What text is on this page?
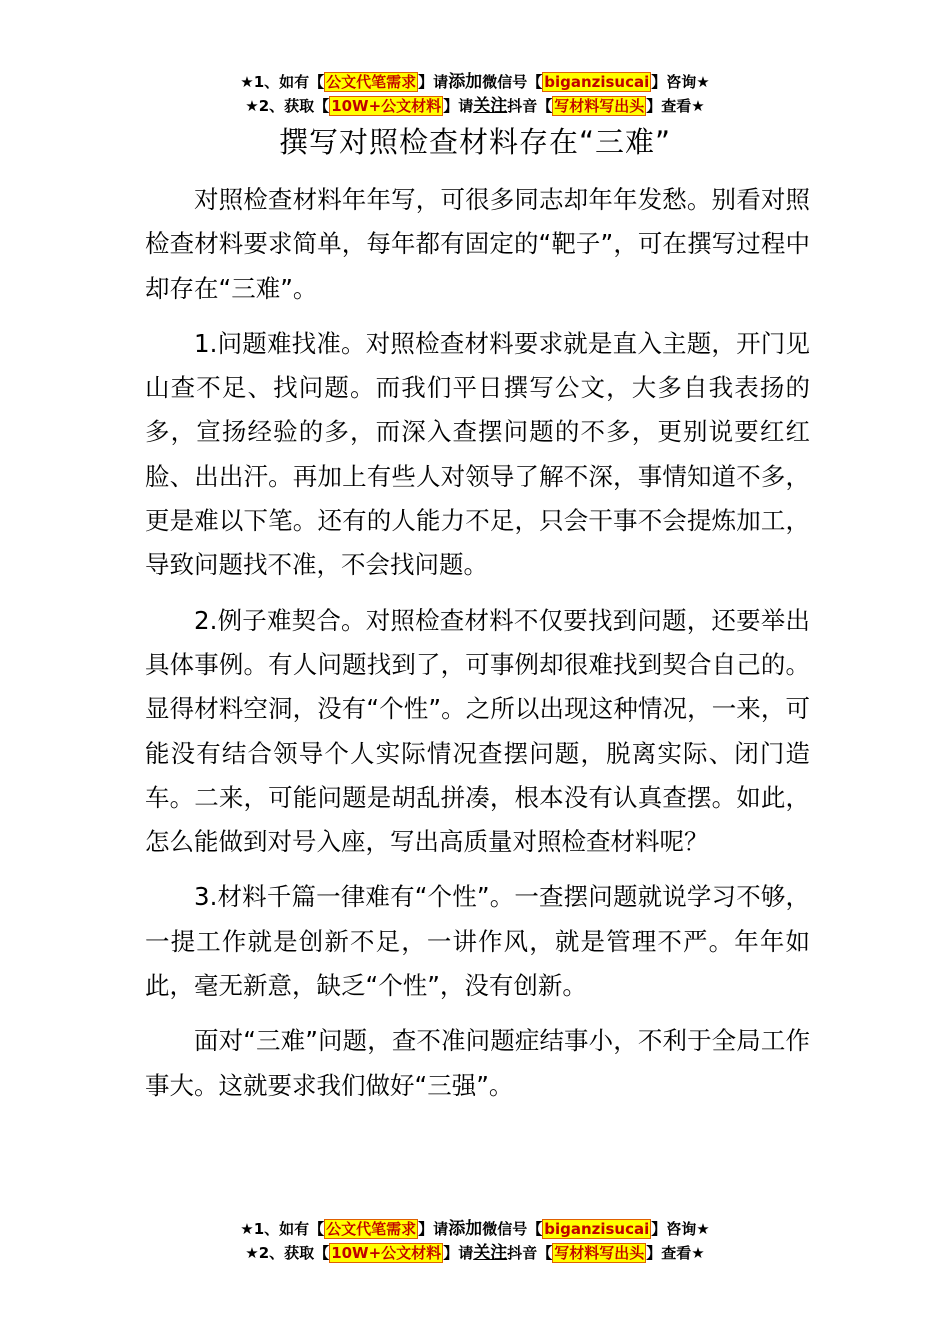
★1、如有【 公文代笔需求 】请添加微信号【 biganzisucai 】咨询★
★2、获取【 10W+公文材料 】请关注抖音【 写材料写出头 】查看★
撰写对照检查材料存在“三难”

对照检查材料年年写，可很多同志却年年发愁。别看对照检查材料要求简单，每年都有固定的“靶子”，可在撰写过程中却存在“三难”。

1.问题难找准。对照检查材料要求就是直入主题，开门见山查不足、找问题。而我们平日撰写公文，大多自我表扬的多，宣扬经验的多，而深入查摆问题的不多，更别说要红红脸、出出汗。再加上有些人对领导了解不深，事情知道不多，更是难以下笔。还有的人能力不足，只会干事不会提炼加工，导致问题找不准，不会找问题。

2.例子难契合。对照检查材料不仅要找到问题，还要举出具体事例。有人问题找到了，可事例却很难找到契合自己的。显得材料空洞，没有“个性”。之所以出现这种情况，一来，可能没有结合领导个人实际情况查摆问题，脱离实际、闭门造车。二来，可能问题是胡乱拼凑，根本没有认真查摆。如此，怎么能做到对号入座，写出高质量对照检查材料呢？

3.材料千篇一律难有“个性”。一查摆问题就说学习不够，一提工作就是创新不足，一讲作风，就是管理不严。年年如此，毫无新意，缺乏“个性”，没有创新。

面对“三难”问题，查不准问题症结事小，不利于全局工作事大。这就要求我们做好“三强”。

★1、如有【 公文代笔需求 】请添加微信号【 biganzisucai 】咨询★
★2、获取【 10W+公文材料 】请关注抖音【 写材料写出头 】查看★
